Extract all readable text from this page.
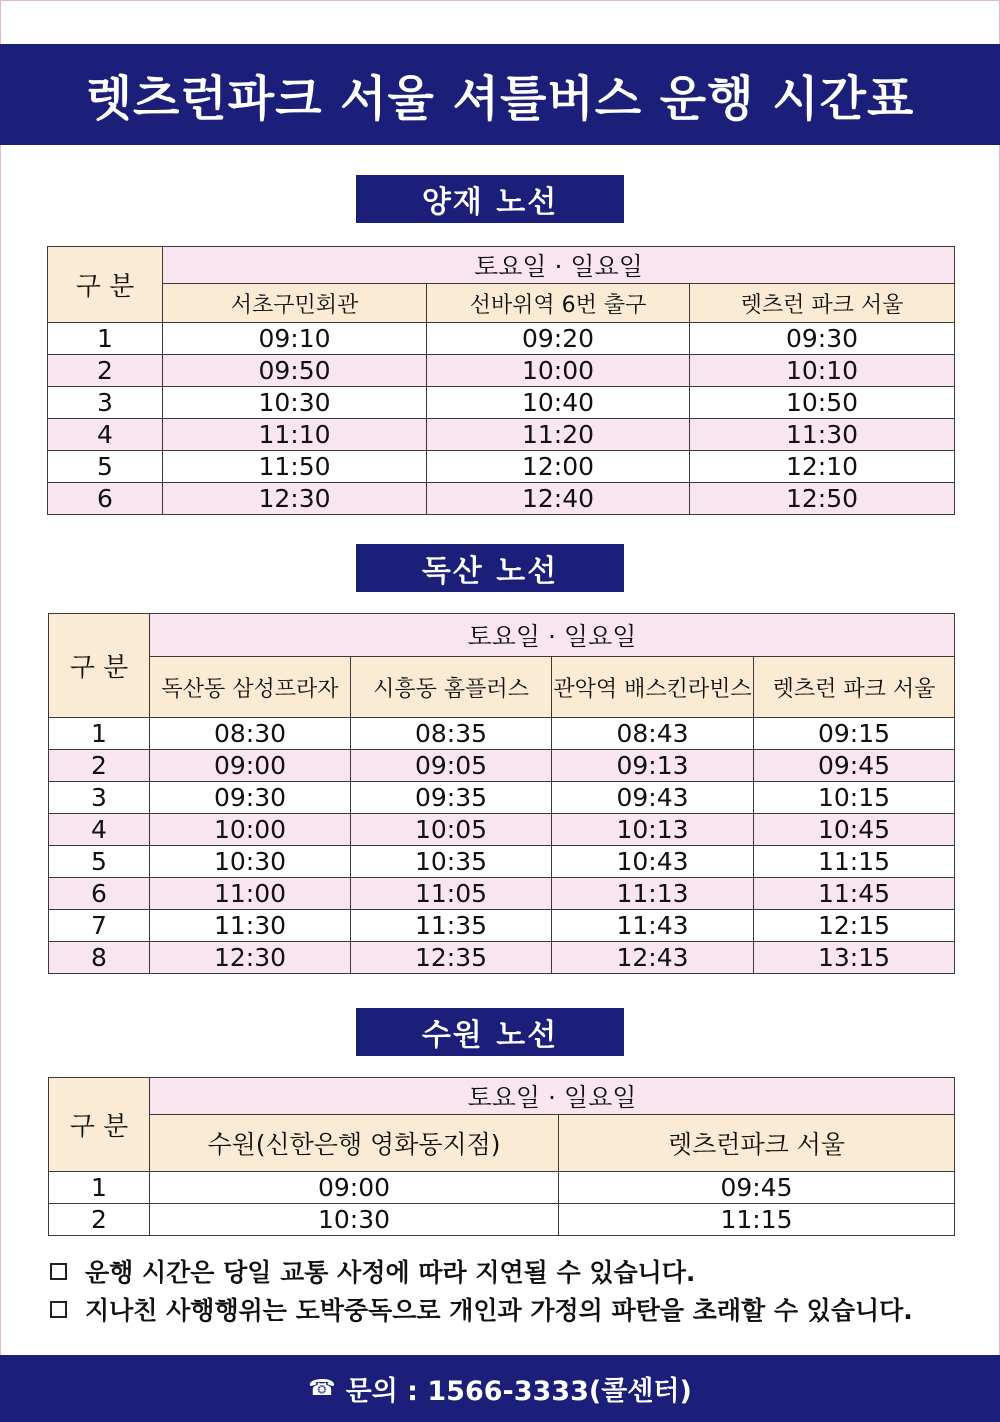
렛츠런파크 서울 셔틀버스 운행 시간표
양재 노선
구 분	토요일 · 일요일		
	서초구민회관	선바위역 6번 출구	렛츠런 파크 서울
1	09:10	09:20	09:30
2	09:50	10:00	10:10
3	10:30	10:40	10:50
4	11:10	11:20	11:30
5	11:50	12:00	12:10
6	12:30	12:40	12:50
독산 노선
구 분	토요일 · 일요일			
	독산동 삼성프라자	시흥동 홈플러스	관악역 배스킨라빈스	렛츠런 파크 서울
1	08:30	08:35	08:43	09:15
2	09:00	09:05	09:13	09:45
3	09:30	09:35	09:43	10:15
4	10:00	10:05	10:13	10:45
5	10:30	10:35	10:43	11:15
6	11:00	11:05	11:13	11:45
7	11:30	11:35	11:43	12:15
8	12:30	12:35	12:43	13:15
수원 노선
구 분	토요일 · 일요일	
	수원(신한은행 영화동지점)	렛츠런파크 서울
1	09:00	09:45
2	10:30	11:15
운행 시간은 당일 교통 사정에 따라 지연될 수 있습니다.
지나친 사행행위는 도박중독으로 개인과 가정의 파탄을 초래할 수 있습니다.
☎ 문의 : 1566-3333(콜센터)
